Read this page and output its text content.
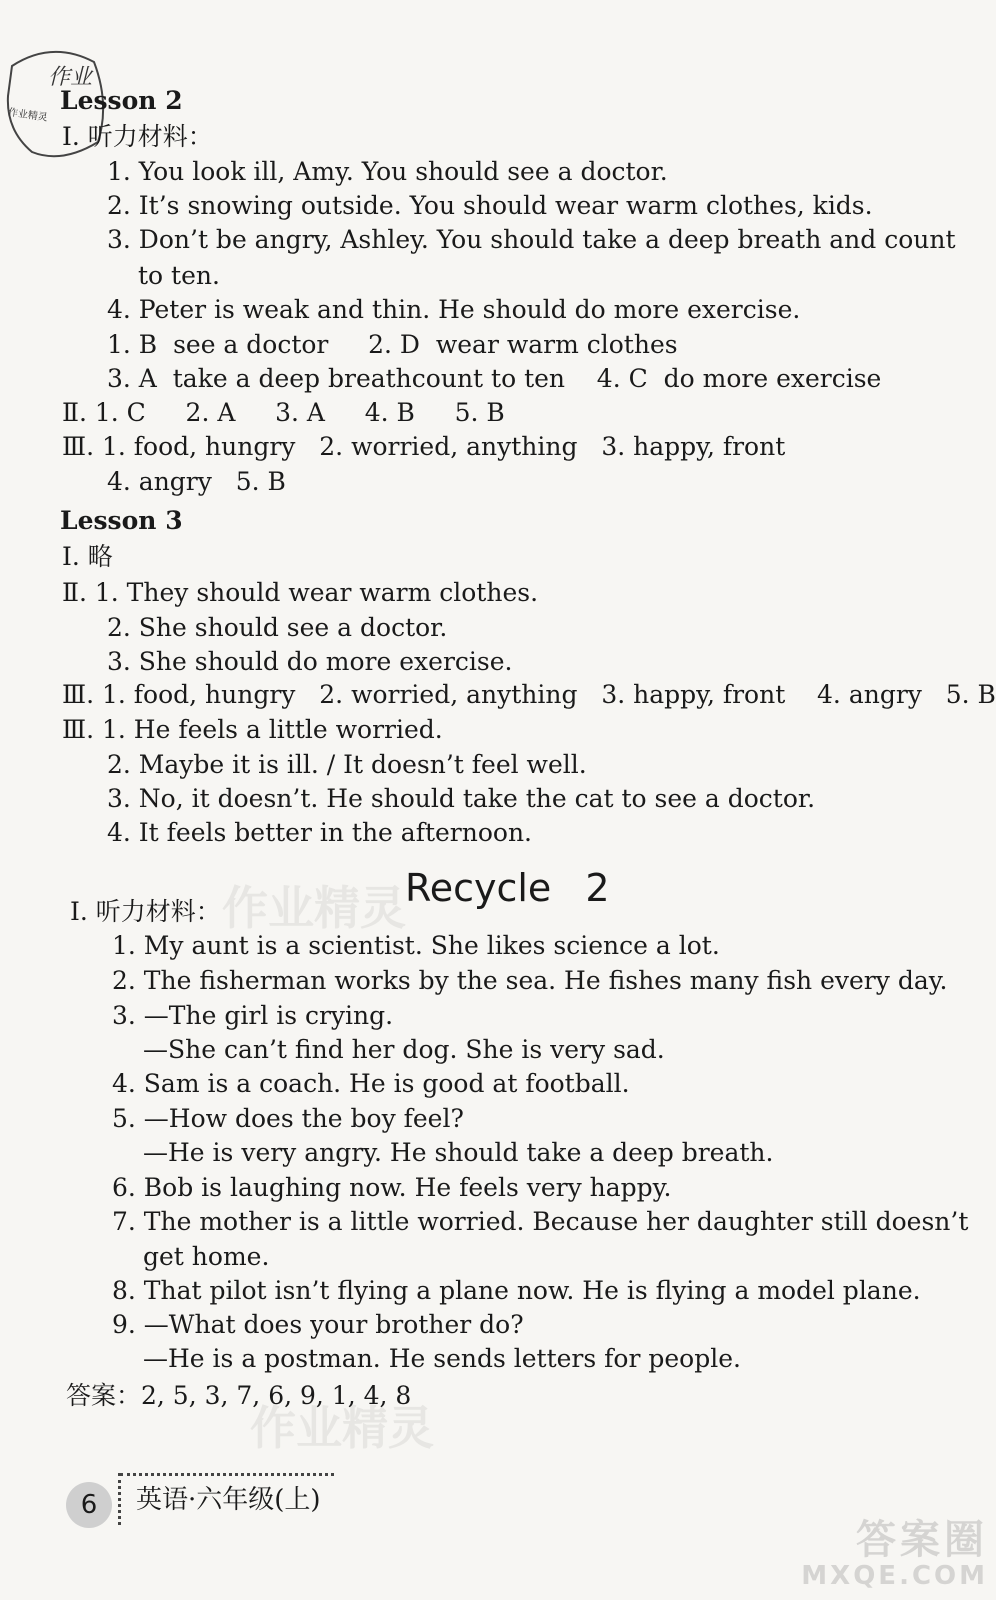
作业精灵
作业精灵
作业
作业精灵
Lesson 2
Ⅰ. 听力材料：
1. You look ill, Amy. You should see a doctor.
2. It’s snowing outside. You should wear warm clothes, kids.
3. Don’t be angry, Ashley. You should take a deep breath and count
to ten.
4. Peter is weak and thin. He should do more exercise.
1. B  see a doctor     2. D  wear warm clothes
3. A  take a deep breathcount to ten    4. C  do more exercise
Ⅱ. 1. C     2. A     3. A     4. B     5. B
Ⅲ. 1. food, hungry   2. worried, anything   3. happy, front
4. angry   5. B
Lesson 3
Ⅰ. 略
Ⅱ. 1. They should wear warm clothes.
2. She should see a doctor.
3. She should do more exercise.
Ⅲ. 1. food, hungry   2. worried, anything   3. happy, front    4. angry   5. B
Ⅲ. 1. He feels a little worried.
2. Maybe it is ill. / It doesn’t feel well.
3. No, it doesn’t. He should take the cat to see a doctor.
4. It feels better in the afternoon.
Recycle 2
Ⅰ. 听力材料：
1. My aunt is a scientist. She likes science a lot.
2. The fisherman works by the sea. He fishes many fish every day.
3. —The girl is crying.
—She can’t find her dog. She is very sad.
4. Sam is a coach. He is good at football.
5. —How does the boy feel?
—He is very angry. He should take a deep breath.
6. Bob is laughing now. He feels very happy.
7. The mother is a little worried. Because her daughter still doesn’t
get home.
8. That pilot isn’t flying a plane now. He is flying a model plane.
9. —What does your brother do?
—He is a postman. He sends letters for people.
答案：2, 5, 3, 7, 6, 9, 1, 4, 8
6	英语·六年级(上)
答案圈
MXQE.COM
